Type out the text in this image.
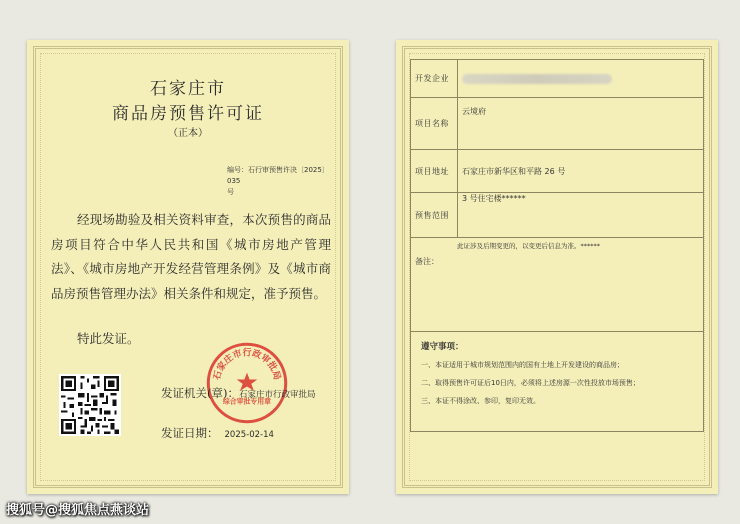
石家庄市
商品房预售许可证
（正本）
编号：石行审预售许决〔2025〕035
号
经现场勘验及相关资料审查，本次预售的商品房项目符合中华人民共和国《城市房地产管理法》、《城市房地产开发经营管理条例》及《城市商品房预售管理办法》相关条件和规定，准予预售。
特此发证。
石家庄市行政审批局
综合审批专用章
发证机关(章)：石家庄市行政审批局
发证日期： 2025-02-14
开发企业	
项目名称	云境府

项目地址	石家庄市新华区和平路 26 号
预售范围	3 号住宅楼******

此证涉及后期变更的，以变更后信息为准。******
备注：	

遵守事项：
一、本证适用于城市规划范围内的国有土地上开发建设的商品房；
二、取得预售许可证后10日内，必须将上述房源一次性投放市场预售；
三、本证不得涂改、参印，复印无效。	
搜狐号@搜狐焦点燕谈站
